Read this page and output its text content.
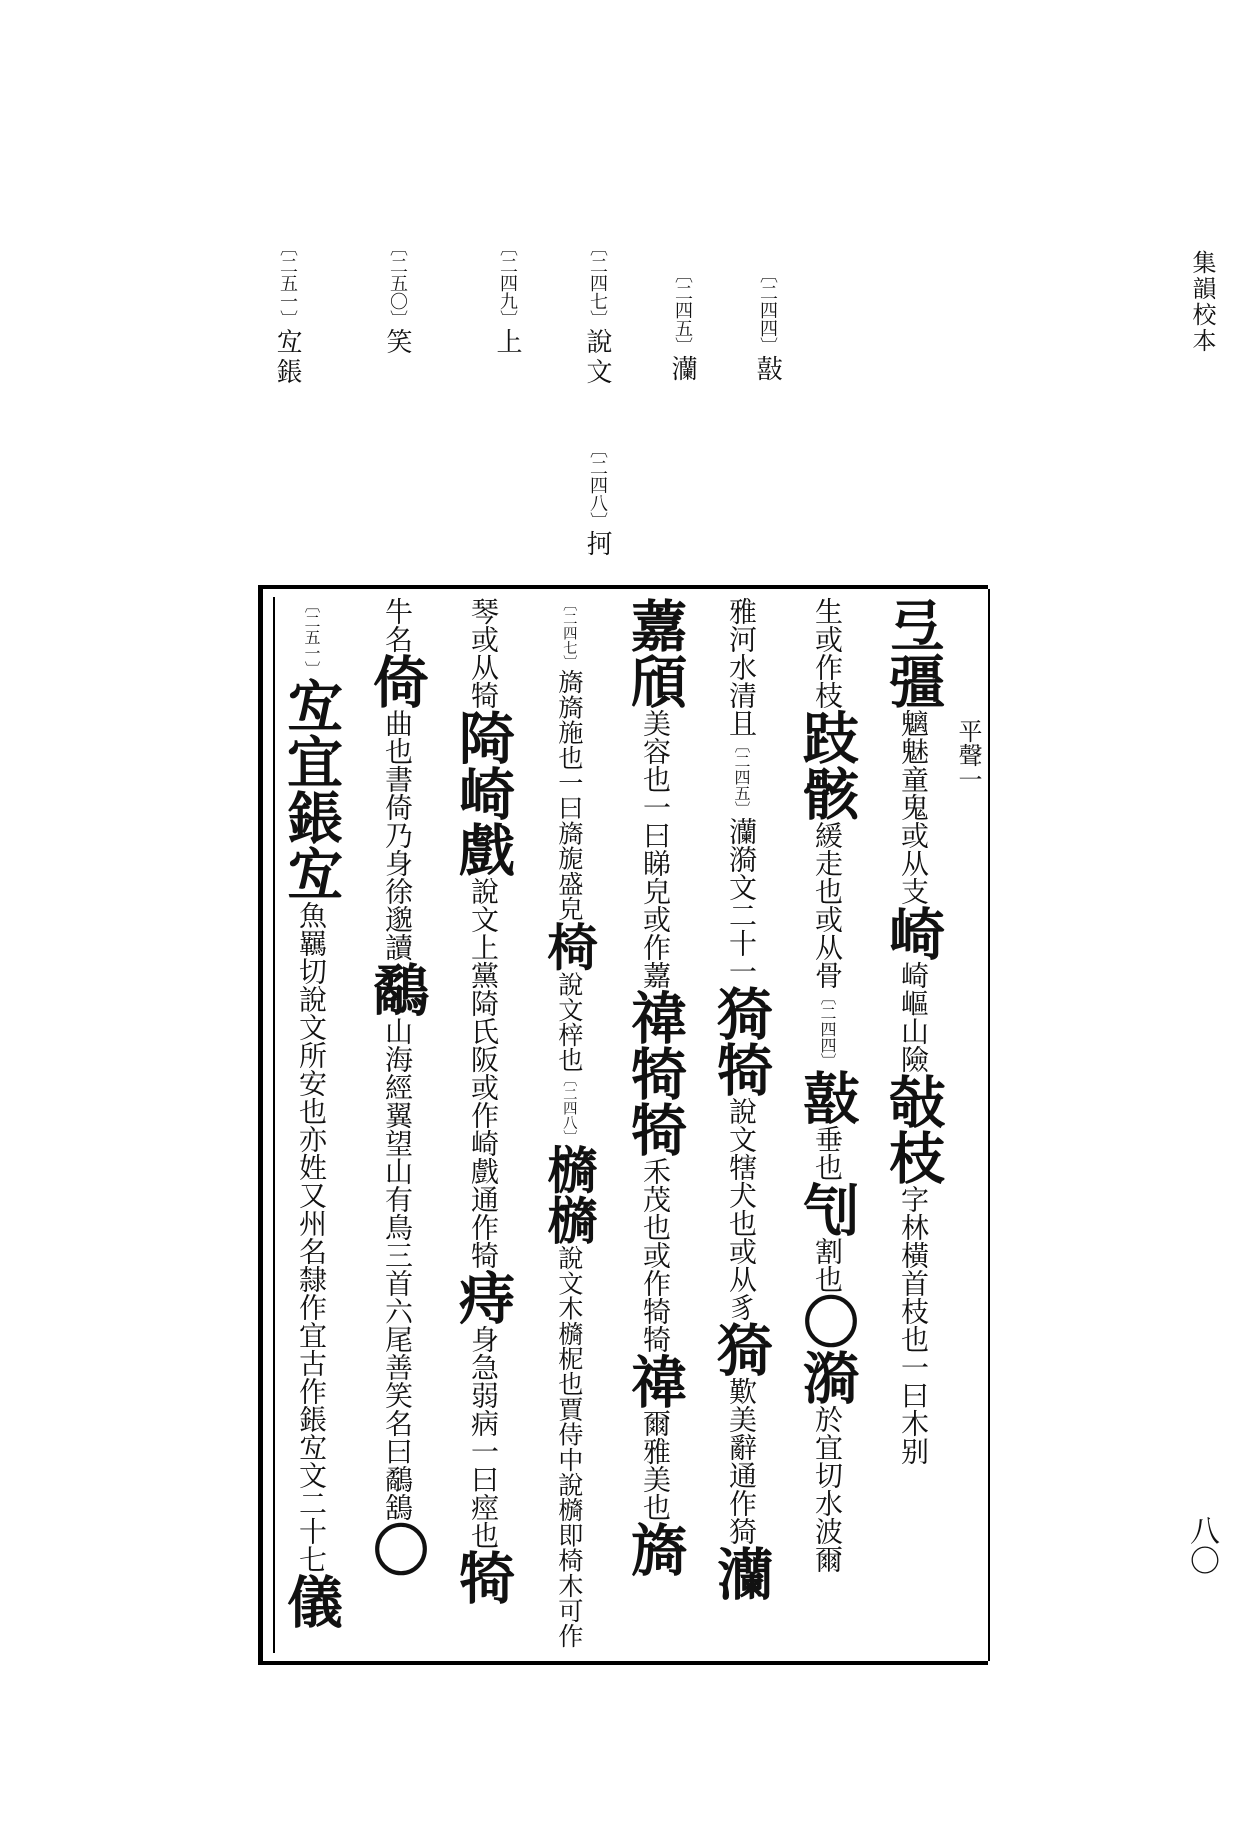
集韻校本
八〇
〔二四四〕敼
〔二四五〕灡
〔二四七〕說文
〔二四八〕抲
〔二四九〕上
〔二五〇〕笑
〔二五一〕宐鋹
平聲一
弖彊魑魅童鬼或从支崎崎嶇山險敧枝字林橫首枝也一曰木别
生或作枝跂骸緩走也或从骨〔二四四〕敼垂也刏割也〇漪於宜切水波爾
雅河水清且〔二四五〕灡漪文二十一猗犄說文犗犬也或从豸猗歎美辭通作猗灡
䕒頎美容也一曰睇皃或作䕒禕犄犄禾茂也或作犄犄禕爾雅美也旖
〔二四七〕旖旖施也一曰旖旎盛皃椅說文梓也〔二四八〕檹檹說文木檹柅也賈侍中說檹即椅木可作
琴或从犄陭崎戲說文上黨陭氏阪或作崎戲通作犄痔身急弱病一曰痙也犄
牛名倚曲也書倚乃身徐邈讀鷸山海經翼望山有鳥三首六尾善笑名曰鷸鵨〇
〔二五一〕宐宜鋹宐魚羈切說文所安也亦姓又州名隸作宜古作鋹宐文二十七儀
